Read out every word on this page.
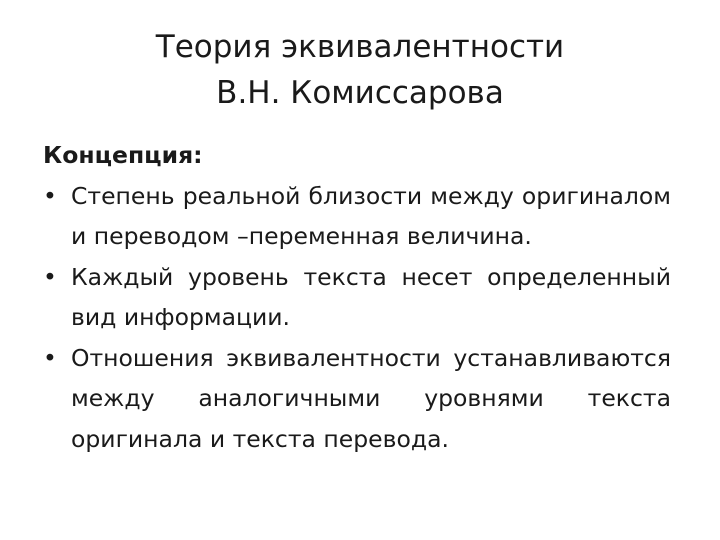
Теория эквивалентности
В.Н. Комиссарова

Концепция:

• Степень реальной близости между оригиналом и переводом –переменная величина.
• Каждый уровень текста несет определенный вид информации.
• Отношения эквивалентности устанавливаются между аналогичными уровнями текста оригинала и текста перевода.
